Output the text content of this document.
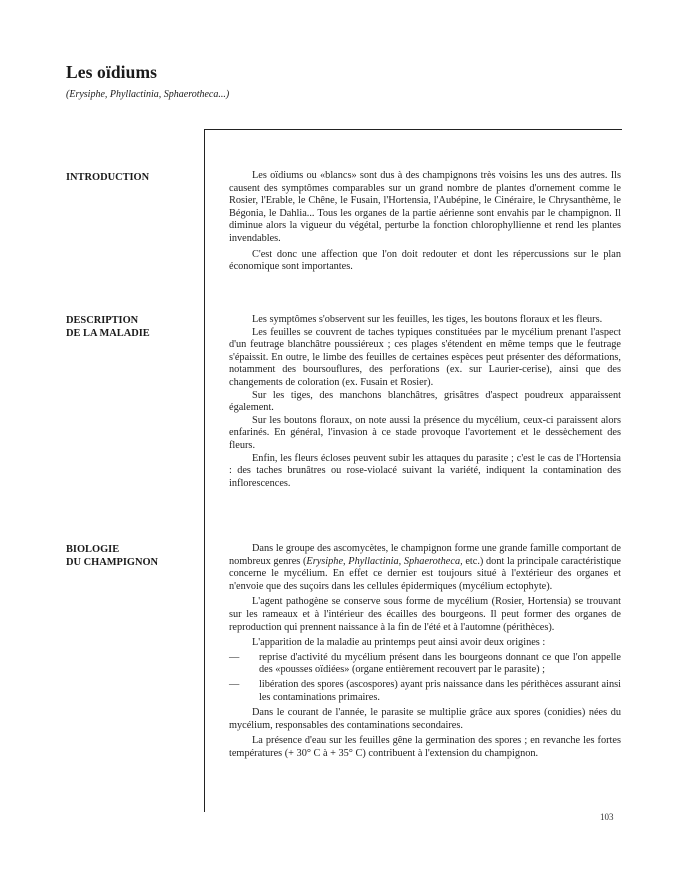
Les oïdiums

(Erysiphe, Phyllactinia, Sphaerotheca...)

INTRODUCTION	Les oïdiums ou «blancs» sont dus à des champignons très voisins les uns des autres. Ils causent des symptômes comparables sur un grand nombre de plantes d'ornement comme le Rosier, l'Erable, le Chêne, le Fusain, l'Hortensia, l'Aubépine, le Cinéraire, le Chrysanthème, le Bégonia, le Dahlia... Tous les organes de la partie aérienne sont envahis par le champignon. Il diminue alors la vigueur du végétal, perturbe la fonction chlorophyllienne et rend les plantes invendables.

C'est donc une affection que l'on doit redouter et dont les répercussions sur le plan économique sont importantes.

DESCRIPTION
DE LA MALADIE

Les symptômes s'observent sur les feuilles, les tiges, les boutons floraux et les fleurs.

Les feuilles se couvrent de taches typiques constituées par le mycélium prenant l'aspect d'un feutrage blanchâtre poussiéreux ; ces plages s'étendent en même temps que le feutrage s'épaissit. En outre, le limbe des feuilles de certaines espèces peut présenter des déformations, notamment des boursouflures, des perforations (ex. sur Laurier-cerise), ainsi que des changements de coloration (ex. Fusain et Rosier).

Sur les tiges, des manchons blanchâtres, grisâtres d'aspect poudreux apparaissent également.

Sur les boutons floraux, on note aussi la présence du mycélium, ceux-ci paraissent alors enfarinés. En général, l'invasion à ce stade provoque l'avortement et le dessèchement des fleurs.

Enfin, les fleurs écloses peuvent subir les attaques du parasite ; c'est le cas de l'Hortensia : des taches brunâtres ou rose-violacé suivant la variété, indiquent la contamination des inflorescences.

BIOLOGIE
DU CHAMPIGNON

Dans le groupe des ascomycètes, le champignon forme une grande famille comportant de nombreux genres (Erysiphe, Phyllactinia, Sphaerotheca, etc.) dont la principale caractéristique concerne le mycélium. En effet ce dernier est toujours situé à l'extérieur des organes et n'envoie que des suçoirs dans les cellules épidermiques (mycélium ectophyte).

L'agent pathogène se conserve sous forme de mycélium (Rosier, Hortensia) se trouvant sur les rameaux et à l'intérieur des écailles des bourgeons. Il peut former des organes de reproduction qui prennent naissance à la fin de l'été et à l'automne (périthèces).

L'apparition de la maladie au printemps peut ainsi avoir deux origines :

—	reprise d'activité du mycélium présent dans les bourgeons donnant ce que l'on appelle des «pousses oïdiées» (organe entièrement recouvert par le parasite) ;
—	libération des spores (ascospores) ayant pris naissance dans les périthèces assurant ainsi les contaminations primaires.

Dans le courant de l'année, le parasite se multiplie grâce aux spores (conidies) nées du mycélium, responsables des contaminations secondaires.

La présence d'eau sur les feuilles gêne la germination des spores ; en revanche les fortes températures (+ 30° C à + 35° C) contribuent à l'extension du champignon.

103
